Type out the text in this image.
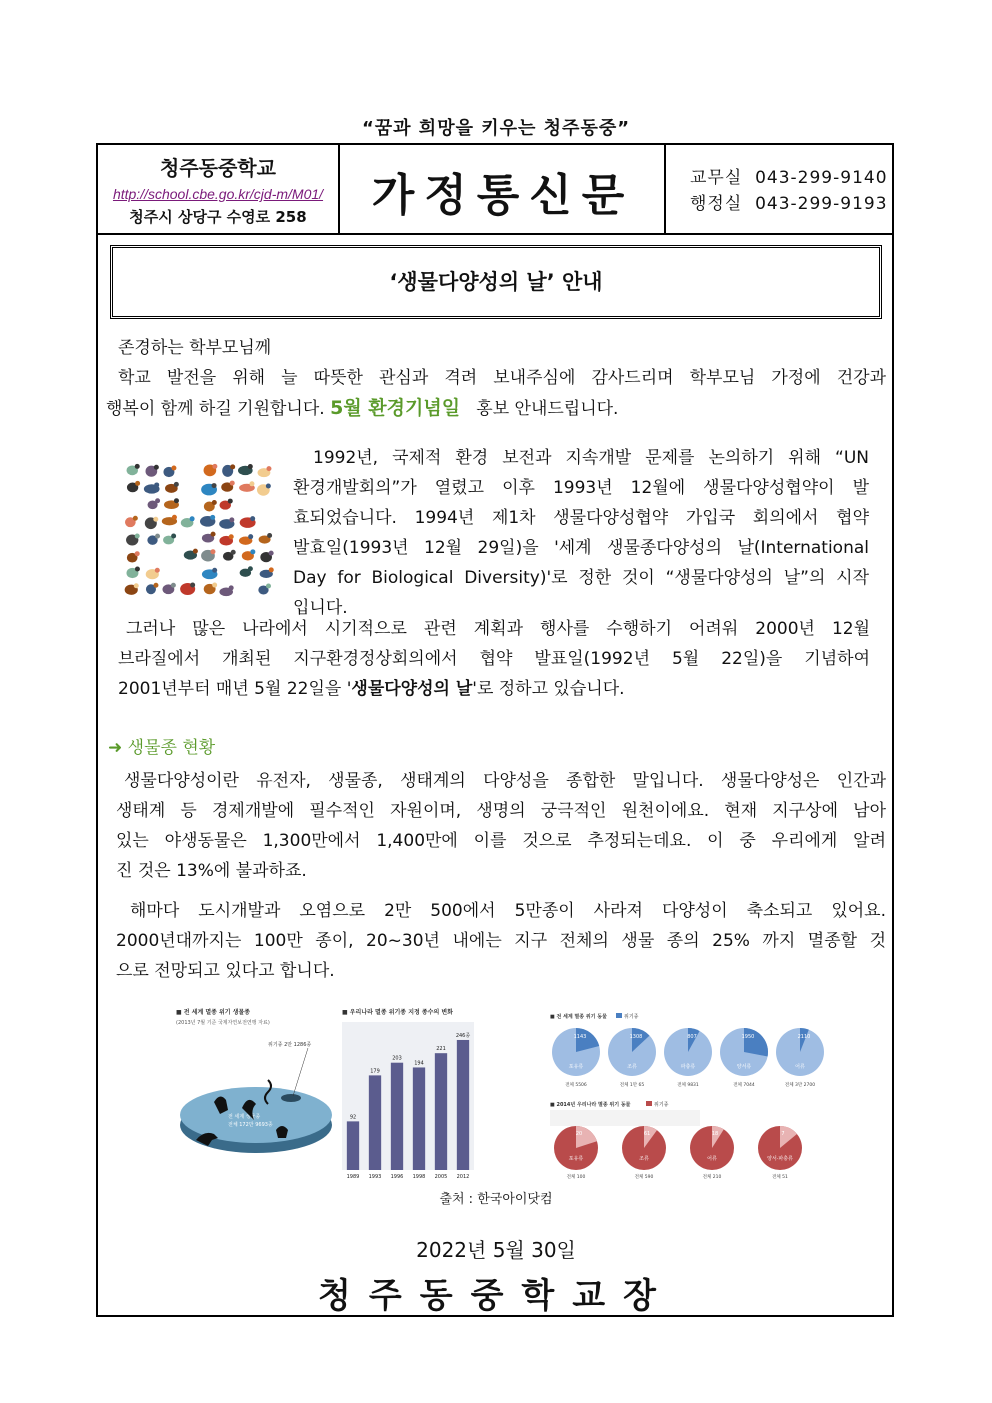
“꿈과 희망을 키우는 청주동중”
청주동중학교
http://school.cbe.go.kr/cjd-m/M01/
청주시 상당구 수영로 258	가정통신문	교무실 043-299-9140
행정실 043-299-9193
‘생물다양성의 날’ 안내
존경하는 학부모님께
학교 발전을 위해 늘 따뜻한 관심과 격려 보내주심에 감사드리며 학부모님 가정에 건강과
행복이 함께 하길 기원합니다. 5월 환경기념일 홍보 안내드립니다.
1992년, 국제적 환경 보전과 지속개발 문제를 논의하기 위해 “UN
환경개발회의”가 열렸고 이후 1993년 12월에 생물다양성협약이 발
효되었습니다. 1994년 제1차 생물다양성협약 가입국 회의에서 협약
발효일(1993년 12월 29일)을 '세계 생물종다양성의 날(International
Day for Biological Diversity)'로 정한 것이 “생물다양성의 날”의 시작
입니다.
그러나 많은 나라에서 시기적으로 관련 계획과 행사를 수행하기 어려워 2000년 12월
브라질에서 개최된 지구환경정상회의에서 협약 발표일(1992년 5월 22일)을 기념하여
2001년부터 매년 5월 22일을 '생물다양성의 날'로 정하고 있습니다.
➜ 생물종 현황
생물다양성이란 유전자, 생물종, 생태계의 다양성을 종합한 말입니다. 생물다양성은 인간과
생태계 등 경제개발에 필수적인 자원이며, 생명의 궁극적인 원천이에요. 현재 지구상에 남아
있는 야생동물은 1,300만에서 1,400만에 이를 것으로 추정되는데요. 이 중 우리에게 알려
진 것은 13%에 불과하죠.
해마다 도시개발과 오염으로 2만 500에서 5만종이 사라져 다양성이 축소되고 있어요.
2000년대까지는 100만 종이, 20~30년 내에는 지구 전체의 생물 종의 25% 까지 멸종할 것
으로 전망되고 있다고 합니다.
■ 전 세계 멸종 위기 생물종
(2013년 7월 기준 국제자연보전연맹 자료)
위기종 2만 1286종
전 세계 생물종
전체 172만 9693종
■ 우리나라 멸종 위기종 지정 종수의 변화
92
1989
179
1993
203
1996
194
1998
221
2005
246종
2012
■ 전 세계 멸종 위기 동물	위기종
1143
포유류
전체 5506
1308
조류
전체 1만 65
807
파충류
전체 9831
1950
양서류
전체 7044
2110
어류
전체 3만 2700
■ 2014년 우리나라 멸종 위기 동물	위기종
20
포유류
전체 100
61
조류
전체 590
18
어류
전체 210
7
양서·파충류
전체 51
출처 : 한국아이닷컴
2022년 5월 30일
청주동중학교장
